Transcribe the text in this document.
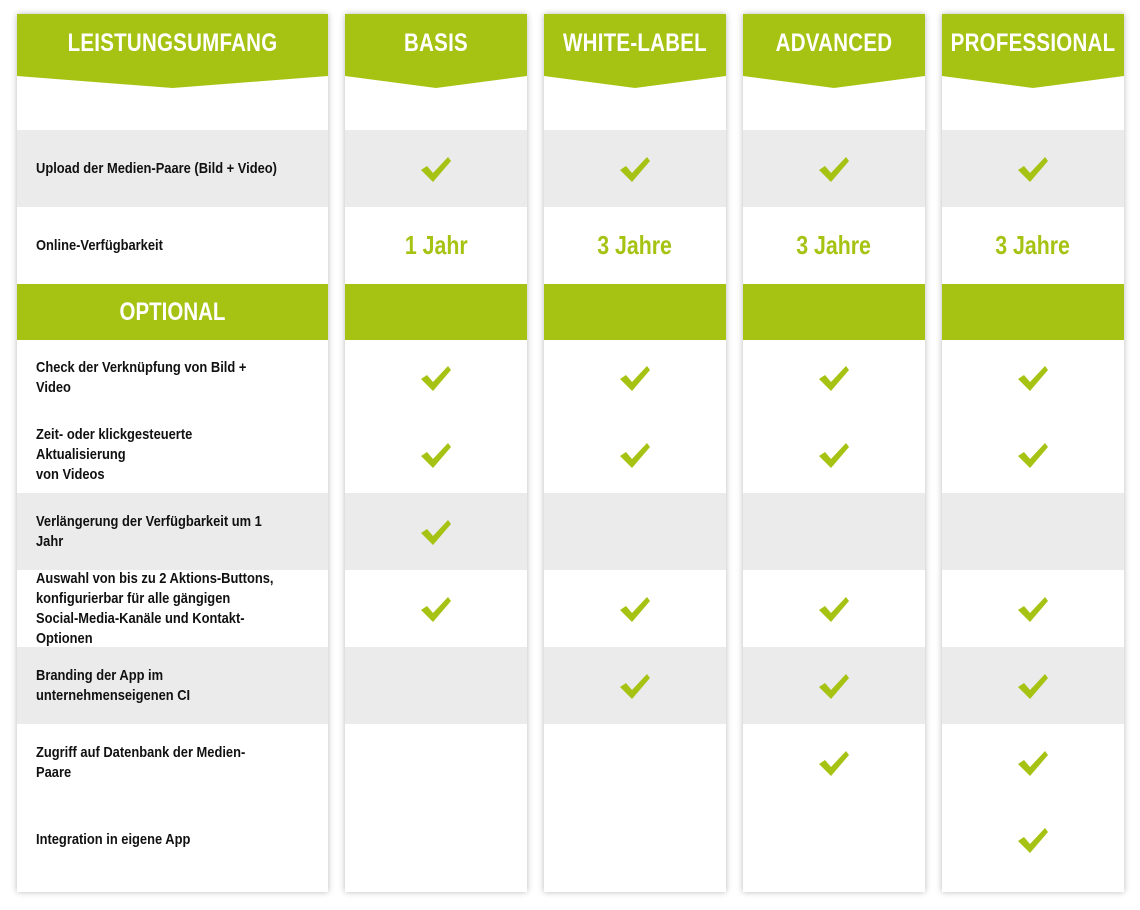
LEISTUNGSUMFANG
Upload der Medien-Paare (Bild + Video)
Online-Verfügbarkeit
OPTIONAL
Check der Verknüpfung von Bild + Video
Zeit- oder klickgesteuerte Aktualisierung
von Videos
Verlängerung der Verfügbarkeit um 1 Jahr
Auswahl von bis zu 2 Aktions-Buttons,
konfigurierbar für alle gängigen
Social-Media-Kanäle und Kontakt-Optionen
Branding der App im unternehmenseigenen CI
Zugriff auf Datenbank der Medien-Paare
Integration in eigene App
BASIS
1 Jahr
WHITE-LABEL
3 Jahre
ADVANCED
3 Jahre
PROFESSIONAL
3 Jahre
